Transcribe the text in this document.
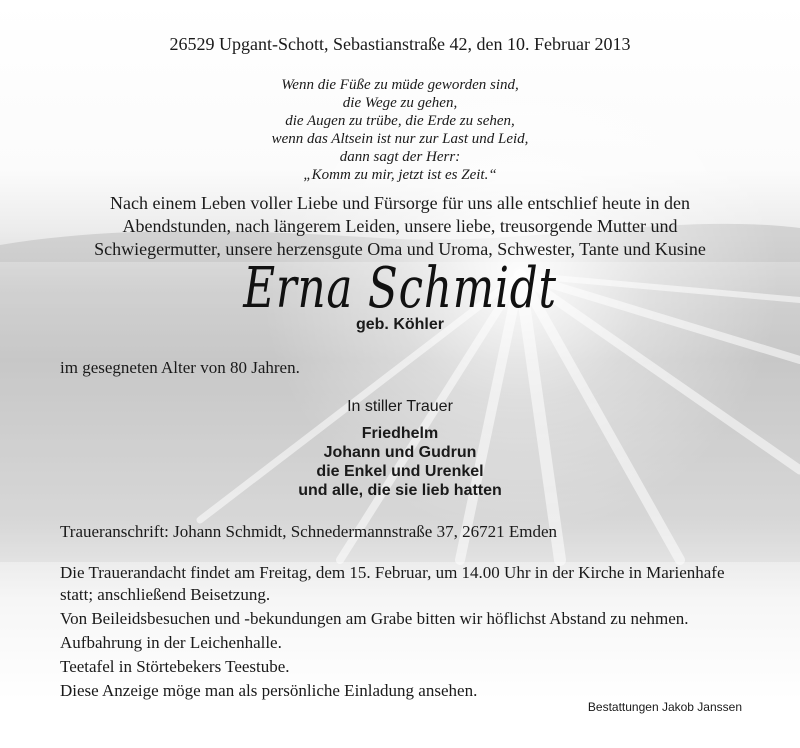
26529 Upgant-Schott, Sebastianstraße 42, den 10. Februar 2013
Wenn die Füße zu müde geworden sind,
die Wege zu gehen,
die Augen zu trübe, die Erde zu sehen,
wenn das Altsein ist nur zur Last und Leid,
dann sagt der Herr:
„Komm zu mir, jetzt ist es Zeit.“
Nach einem Leben voller Liebe und Fürsorge für uns alle entschlief heute in den
Abendstunden, nach längerem Leiden, unsere liebe, treusorgende Mutter und
Schwiegermutter, unsere herzensgute Oma und Uroma, Schwester, Tante und Kusine
Erna Schmidt
geb. Köhler
im gesegneten Alter von 80 Jahren.
In stiller Trauer
Friedhelm
Johann und Gudrun
die Enkel und Urenkel
und alle, die sie lieb hatten
Traueranschrift: Johann Schmidt, Schnedermannstraße 37, 26721 Emden

Die Trauerandacht findet am Freitag, dem 15. Februar, um 14.00 Uhr in der Kirche in Marienhafe statt; anschließend Beisetzung.

Von Beileidsbesuchen und -bekundungen am Grabe bitten wir höflichst Abstand zu nehmen.

Aufbahrung in der Leichenhalle.

Teetafel in Störtebekers Teestube.

Diese Anzeige möge man als persönliche Einladung ansehen.

Bestattungen Jakob Janssen
